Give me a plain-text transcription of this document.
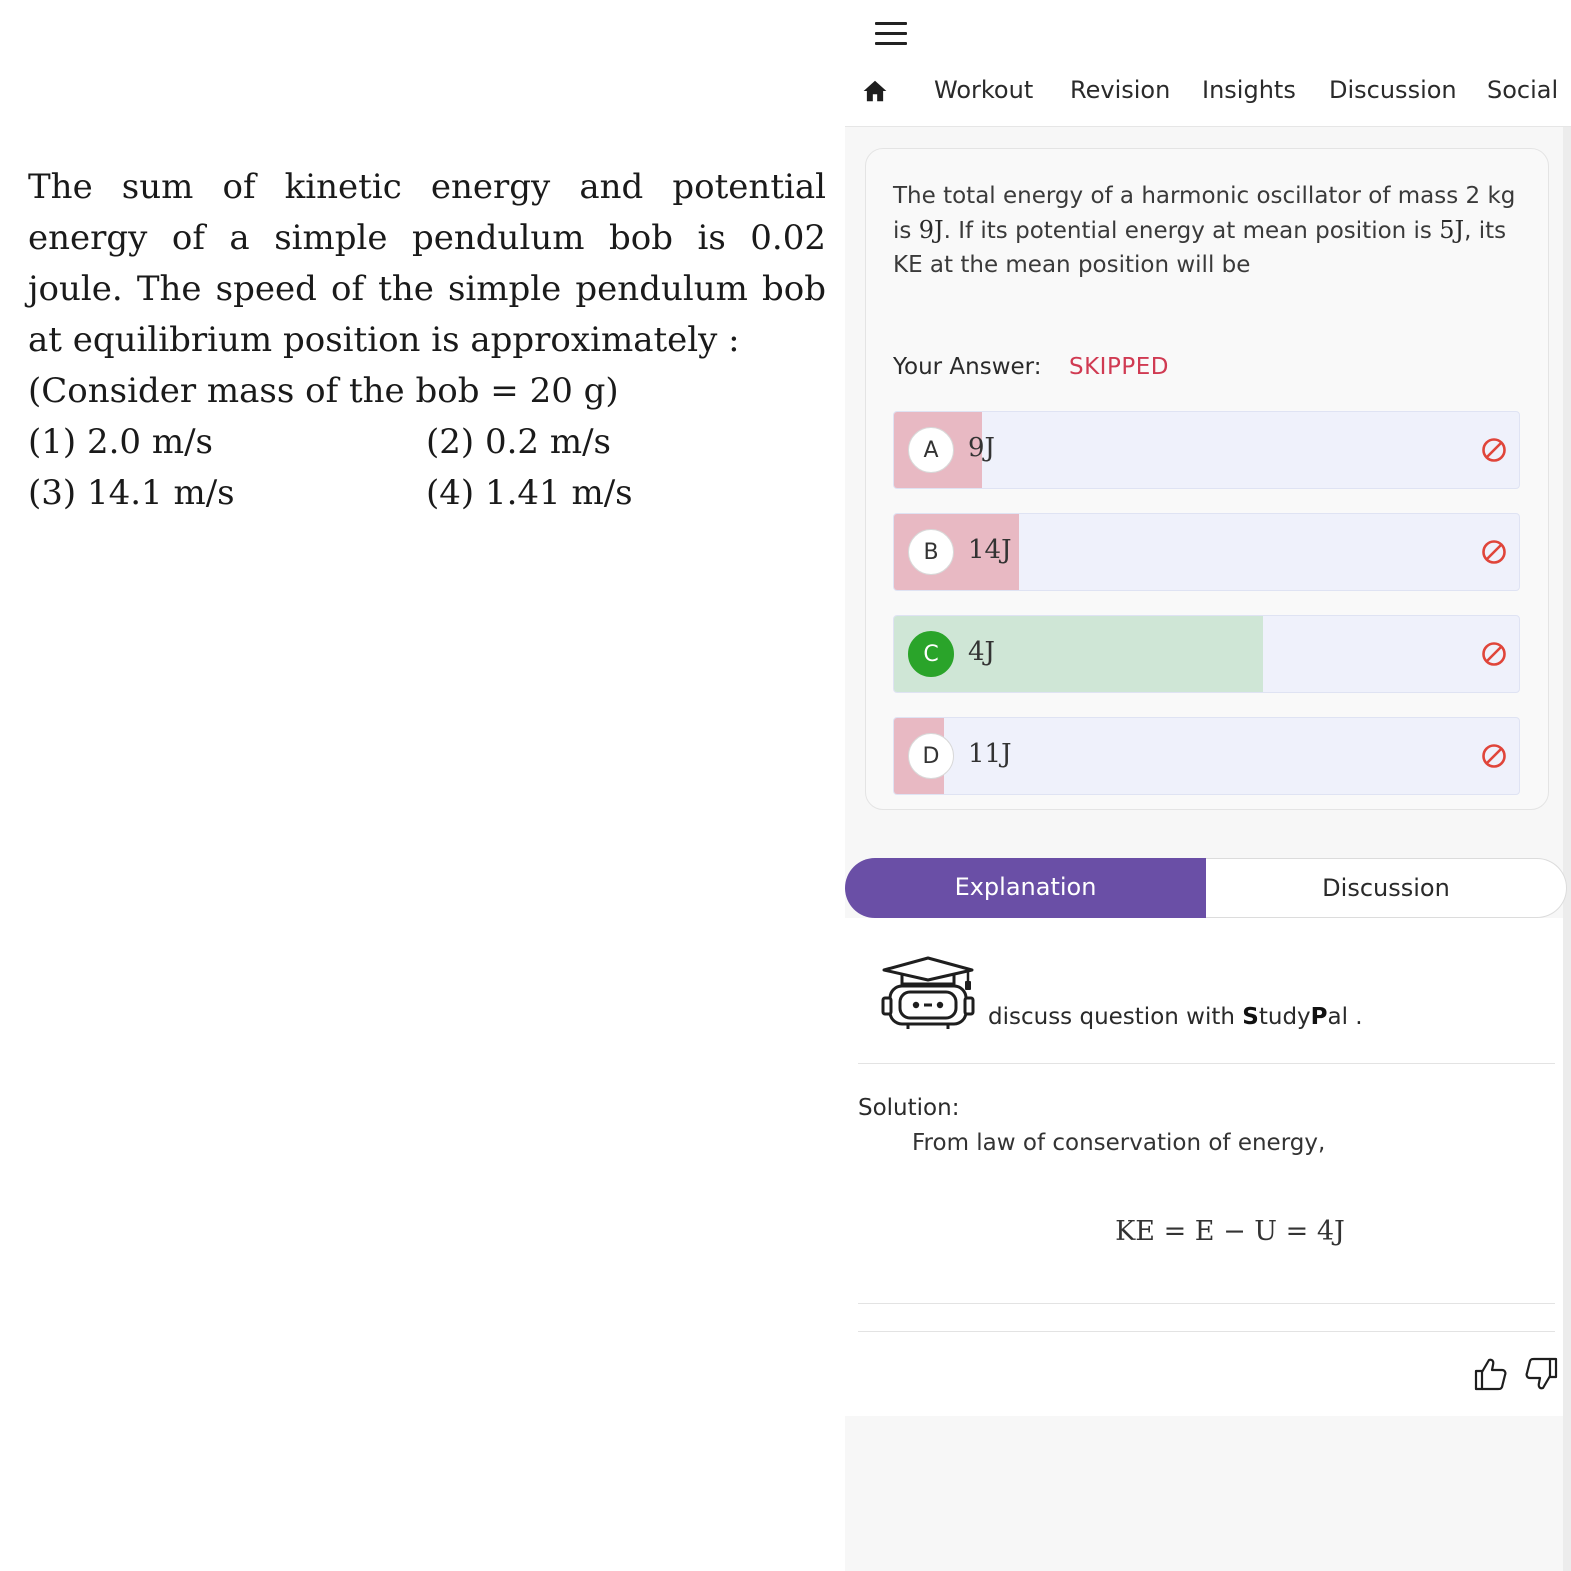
The sum of kinetic energy and potential energy of a simple pendulum bob is 0.02 joule. The speed of the simple pendulum bob at equilibrium position is approximately :

(Consider mass of the bob = 20 g)

(1) 2.0 m/s	(2) 0.2 m/s
(3) 14.1 m/s	(4) 1.41 m/s
Workout Revision Insights Discussion Social

The total energy of a harmonic oscillator of mass 2 kg is 9J. If its potential energy at mean position is 5J, its KE at the mean position will be

Your Answer: SKIPPED
A	9J
B	14J
C	4J
D	11J
Explanation	Discussion
discuss question with StudyPal .
Solution:
From law of conservation of energy,
KE = E − U = 4J
